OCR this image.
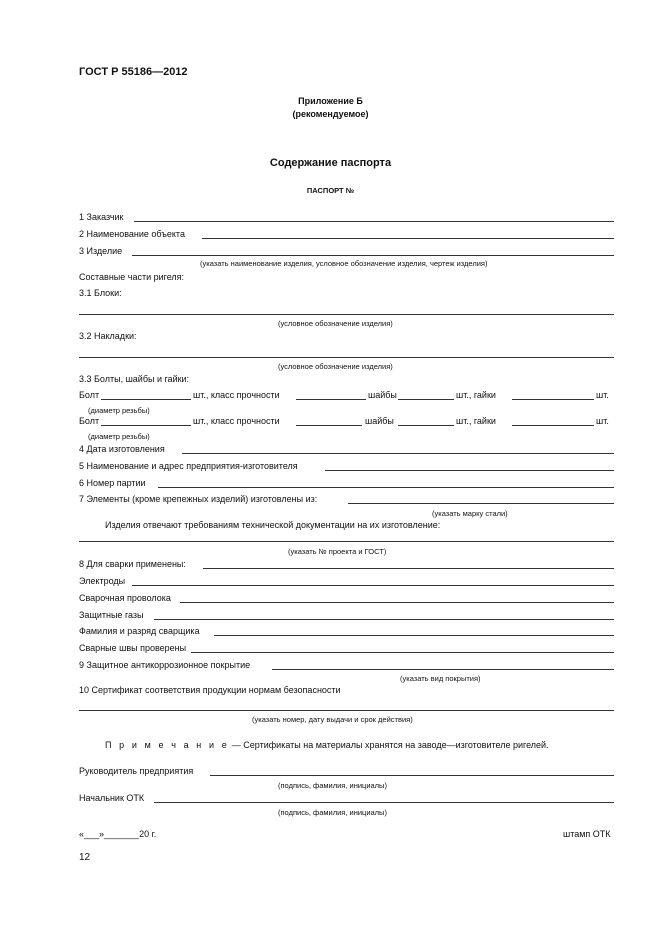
ГОСТ Р 55186—2012
Приложение Б
(рекомендуемое)
Содержание паспорта
ПАСПОРТ №
1 Заказчик
2 Наименование объекта
3 Изделие
(указать наименование изделия, условное обозначение изделия, чертеж изделия)
Составные части ригеля:
3.1 Блоки:
(условное обозначение изделия)
3.2 Накладки:
(условное обозначение изделия)
3.3 Болты, шайбы и гайки:
Болт	шт., класс прочности	шайбы	шт., гайки	шт.
(диаметр резьбы)
Болт	шт., класс прочности	шайбы	шт., гайки	шт.
(диаметр резьбы)
4 Дата изготовления
5 Наименование и адрес предприятия-изготовителя
6 Номер партии
7 Элементы (кроме крепежных изделий) изготовлены из:
(указать марку стали)
Изделия отвечают требованиям технической документации на их изготовление:
(указать № проекта и ГОСТ)
8 Для сварки применены:
Электроды
Сварочная проволока
Защитные газы
Фамилия и разряд сварщика
Сварные швы проверены
9 Защитное антикоррозионное покрытие
(указать вид покрытия)
10 Сертификат соответствия продукции нормам безопасности
(указать номер, дату выдачи и срок действия)
П р и м е ч а н и е — Сертификаты на материалы хранятся на заводе—изготовителе ригелей.
Руководитель предприятия
(подпись, фамилия, инициалы)
Начальник ОТК
(подпись, фамилия, инициалы)
«___»_______20 г.	штамп ОТК
12
